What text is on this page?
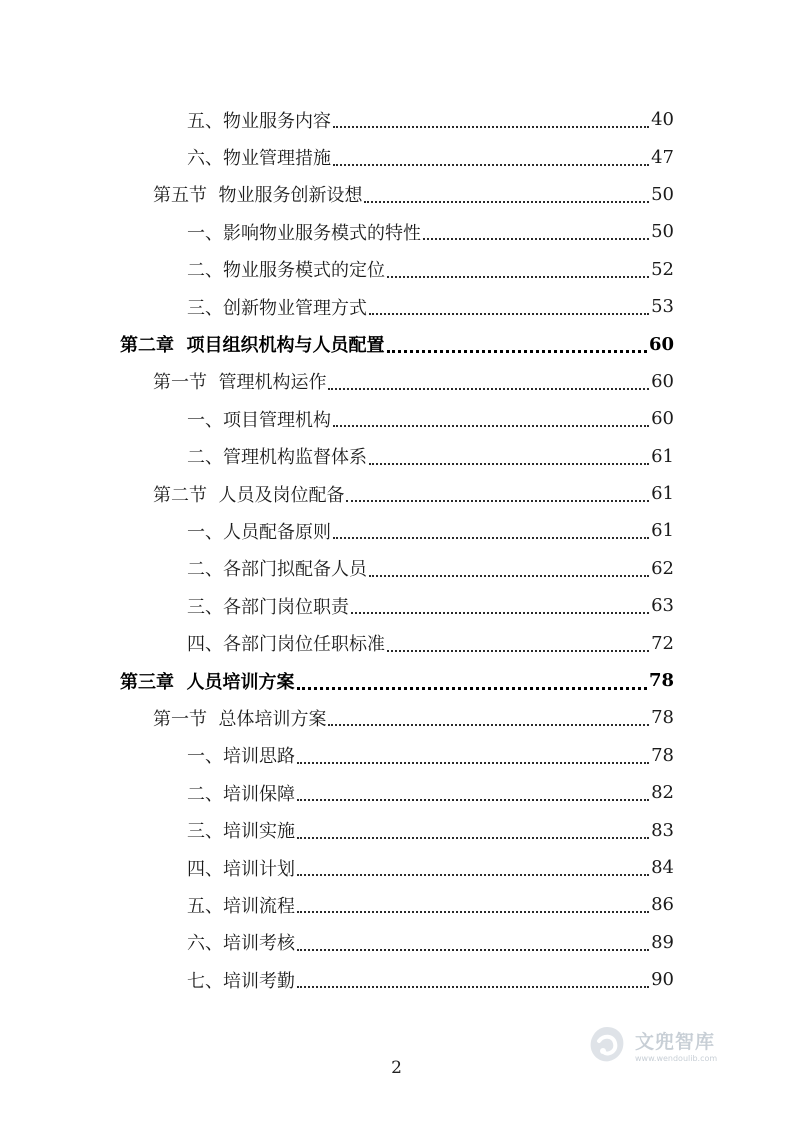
五、物业服务内容	40
六、物业管理措施	47
第五节  物业服务创新设想	50
一、影响物业服务模式的特性	50
二、物业服务模式的定位	52
三、创新物业管理方式	53
第二章  项目组织机构与人员配置	60
第一节  管理机构运作	60
一、项目管理机构	60
二、管理机构监督体系	61
第二节  人员及岗位配备	61
一、人员配备原则	61
二、各部门拟配备人员	62
三、各部门岗位职责	63
四、各部门岗位任职标准	72
第三章  人员培训方案	78
第一节  总体培训方案	78
一、培训思路	78
二、培训保障	82
三、培训实施	83
四、培训计划	84
五、培训流程	86
六、培训考核	89
七、培训考勤	90
2
文兜智库
www.wendoulib.com
